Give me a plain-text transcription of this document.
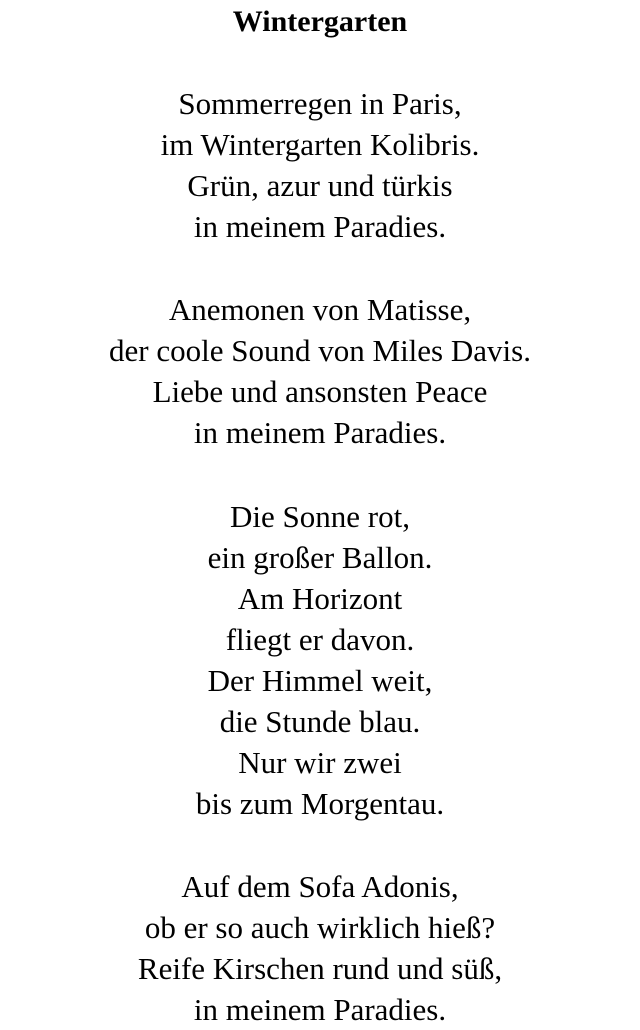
Wintergarten
Sommerregen in Paris,
im Wintergarten Kolibris.
Grün, azur und türkis
in meinem Paradies.
Anemonen von Matisse,
der coole Sound von Miles Davis.
Liebe und ansonsten Peace
in meinem Paradies.
Die Sonne rot,
ein großer Ballon.
Am Horizont
fliegt er davon.
Der Himmel weit,
die Stunde blau.
Nur wir zwei
bis zum Morgentau.
Auf dem Sofa Adonis,
ob er so auch wirklich hieß?
Reife Kirschen rund und süß,
in meinem Paradies.
